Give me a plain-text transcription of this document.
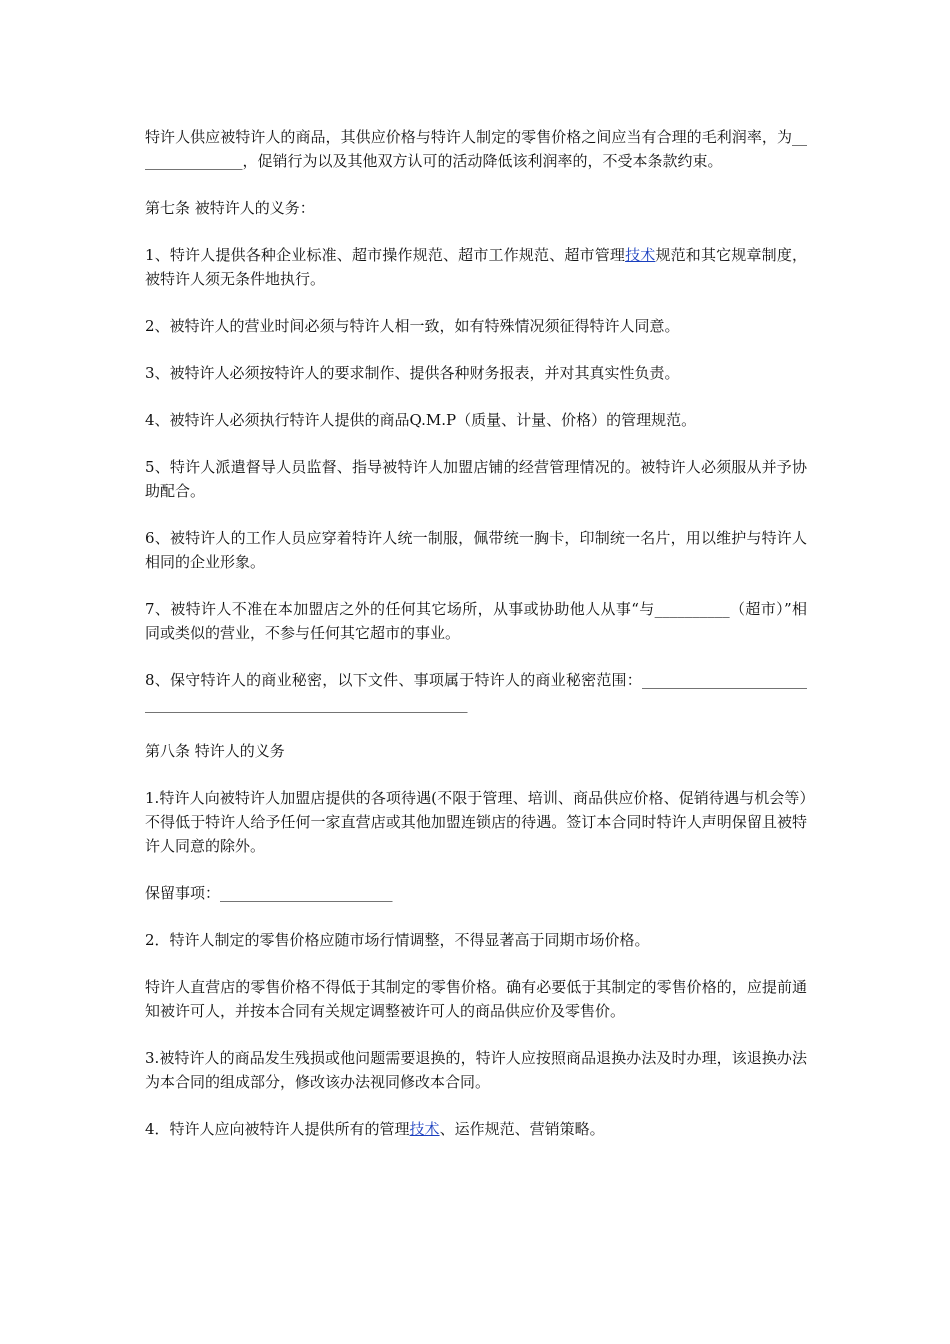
特许人供应被特许人的商品，其供应价格与特许人制定的零售价格之间应当有合理的毛利润率，为_______________，促销行为以及其他双方认可的活动降低该利润率的，不受本条款约束。

第七条 被特许人的义务：

1、特许人提供各种企业标准、超市操作规范、超市工作规范、超市管理技术规范和其它规章制度，被特许人须无条件地执行。

2、被特许人的营业时间必须与特许人相一致，如有特殊情况须征得特许人同意。

3、被特许人必须按特许人的要求制作、提供各种财务报表，并对其真实性负责。

4、被特许人必须执行特许人提供的商品Q.M.P（质量、计量、价格）的管理规范。

5、特许人派遣督导人员监督、指导被特许人加盟店铺的经营管理情况的。被特许人必须服从并予协助配合。

6、被特许人的工作人员应穿着特许人统一制服，佩带统一胸卡，印制统一名片，用以维护与特许人相同的企业形象。

7、被特许人不准在本加盟店之外的任何其它场所，从事或协助他人从事“与__________（超市）”相同或类似的营业，不参与任何其它超市的事业。

8、保守特许人的商业秘密，以下文件、事项属于特许人的商业秘密范围：_________________________________________________________________

第八条 特许人的义务

1.特许人向被特许人加盟店提供的各项待遇(不限于管理、培训、商品供应价格、促销待遇与机会等）不得低于特许人给予任何一家直营店或其他加盟连锁店的待遇。签订本合同时特许人声明保留且被特许人同意的除外。

保留事项：_______________________

2．特许人制定的零售价格应随市场行情调整，不得显著高于同期市场价格。

特许人直营店的零售价格不得低于其制定的零售价格。确有必要低于其制定的零售价格的，应提前通知被许可人，并按本合同有关规定调整被许可人的商品供应价及零售价。

3.被特许人的商品发生残损或他问题需要退换的，特许人应按照商品退换办法及时办理，该退换办法为本合同的组成部分，修改该办法视同修改本合同。

4．特许人应向被特许人提供所有的管理技术、运作规范、营销策略。
